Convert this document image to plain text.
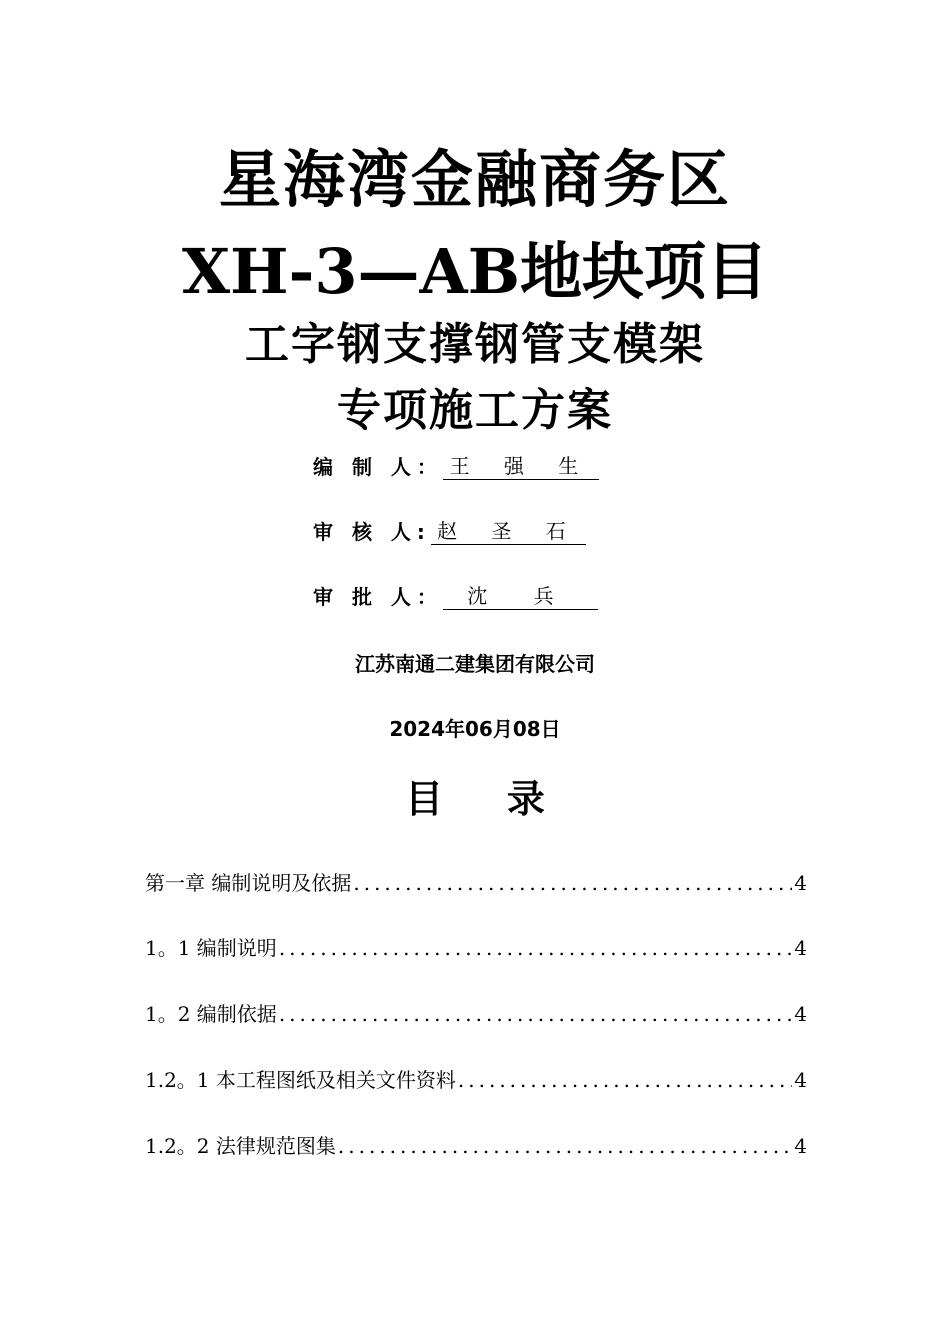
星海湾金融商务区
XH-3—AB地块项目
工字钢支撑钢管支模架
专项施工方案
编 制 人： 王 强 生
审 核 人: 赵 圣 石
审 批 人：	沈 兵
江苏南通二建集团有限公司
2024年06月08日
目 录
第一章 编制说明及依据 .....	4
1。1 编制说明 .....	4
1。2 编制依据 .....	4
1.2。1 本工程图纸及相关文件资料 .....	4
1.2。2 法律规范图集 .....	4
